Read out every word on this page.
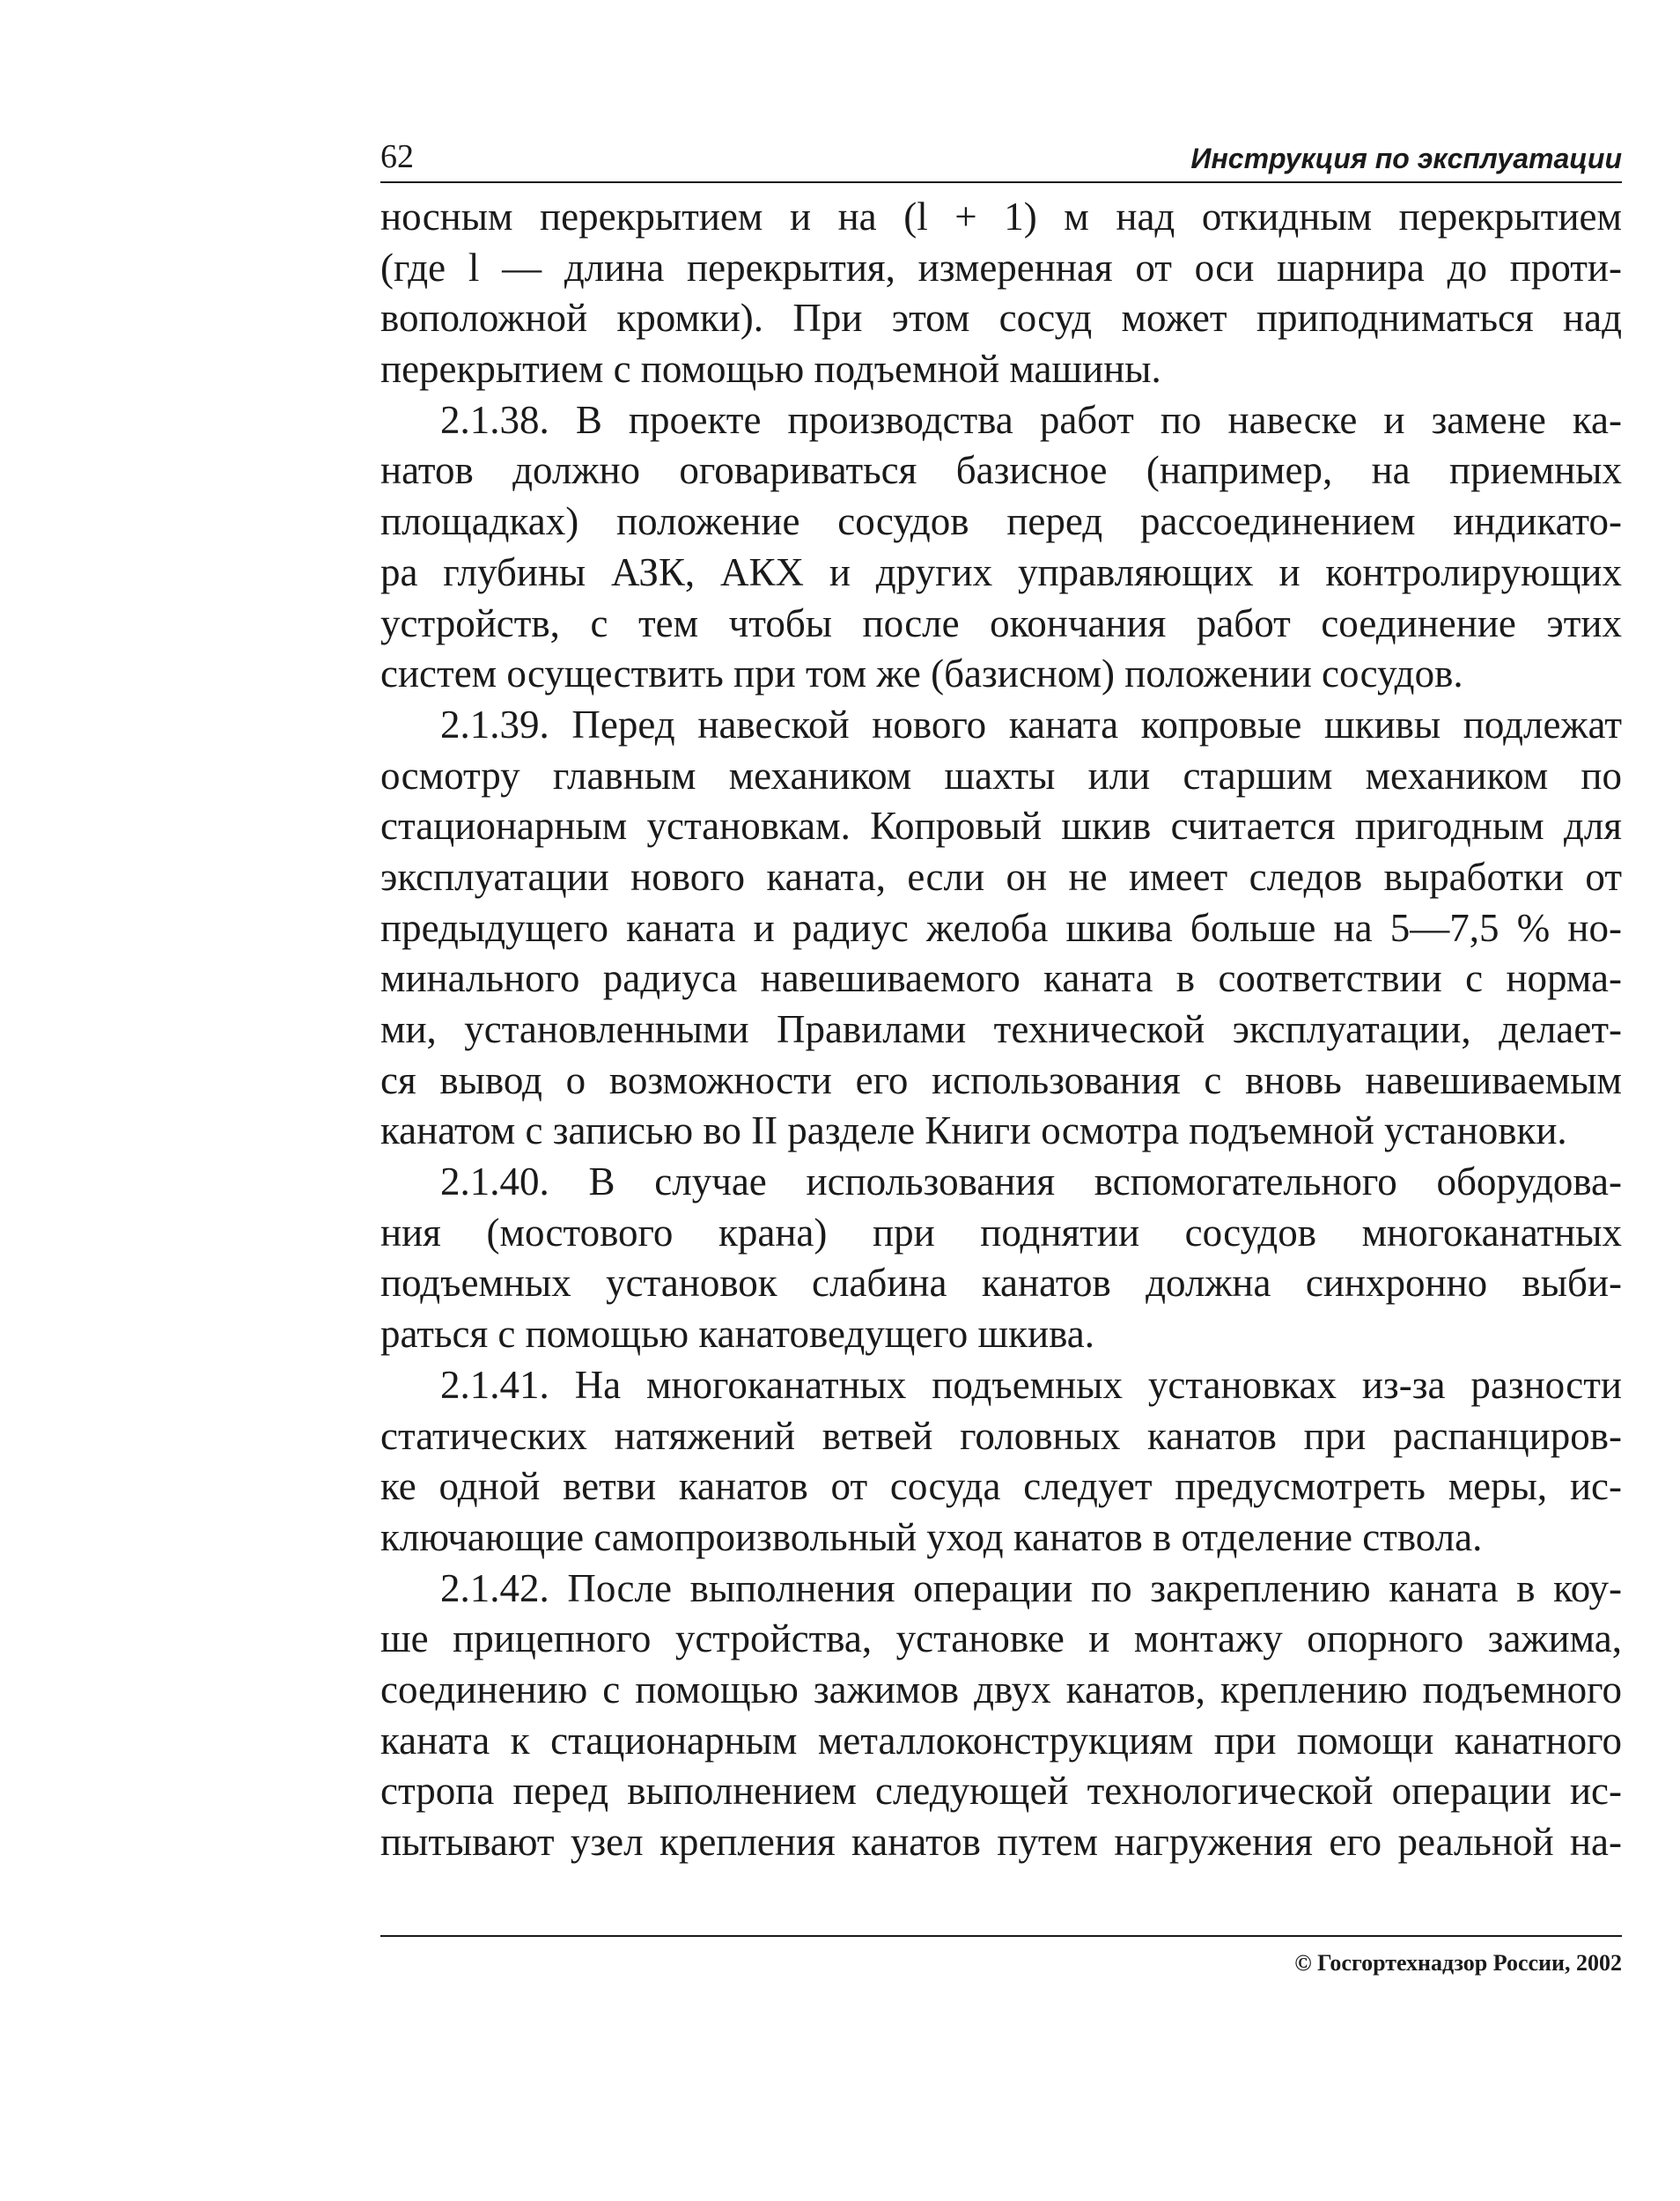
62	Инструкция по эксплуатации
носным перекрытием и на (l + 1) м над откидным перекрытием
(где l — длина перекрытия, измеренная от оси шарнира до проти-
воположной кромки). При этом сосуд может приподниматься над
перекрытием с помощью подъемной машины.
2.1.38. В проекте производства работ по навеске и замене ка-
натов должно оговариваться базисное (например, на приемных
площадках) положение сосудов перед рассоединением индикато-
ра глубины АЗК, АКХ и других управляющих и контролирующих
устройств, с тем чтобы после окончания работ соединение этих
систем осуществить при том же (базисном) положении сосудов.
2.1.39. Перед навеской нового каната копровые шкивы подлежат
осмотру главным механиком шахты или старшим механиком по
стационарным установкам. Копровый шкив считается пригодным для
эксплуатации нового каната, если он не имеет следов выработки от
предыдущего каната и радиус желоба шкива больше на 5—7,5 % но-
минального радиуса навешиваемого каната в соответствии с норма-
ми, установленными Правилами технической эксплуатации, делает-
ся вывод о возможности его использования с вновь навешиваемым
канатом с записью во II разделе Книги осмотра подъемной установки.
2.1.40. В случае использования вспомогательного оборудова-
ния (мостового крана) при поднятии сосудов многоканатных
подъемных установок слабина канатов должна синхронно выби-
раться с помощью канатоведущего шкива.
2.1.41. На многоканатных подъемных установках из-за разности
статических натяжений ветвей головных канатов при распанциров-
ке одной ветви канатов от сосуда следует предусмотреть меры, ис-
ключающие самопроизвольный уход канатов в отделение ствола.
2.1.42. После выполнения операции по закреплению каната в коу-
ше прицепного устройства, установке и монтажу опорного зажима,
соединению с помощью зажимов двух канатов, креплению подъемного
каната к стационарным металлоконструкциям при помощи канатного
стропа перед выполнением следующей технологической операции ис-
пытывают узел крепления канатов путем нагружения его реальной на-
© Госгортехнадзор России, 2002
